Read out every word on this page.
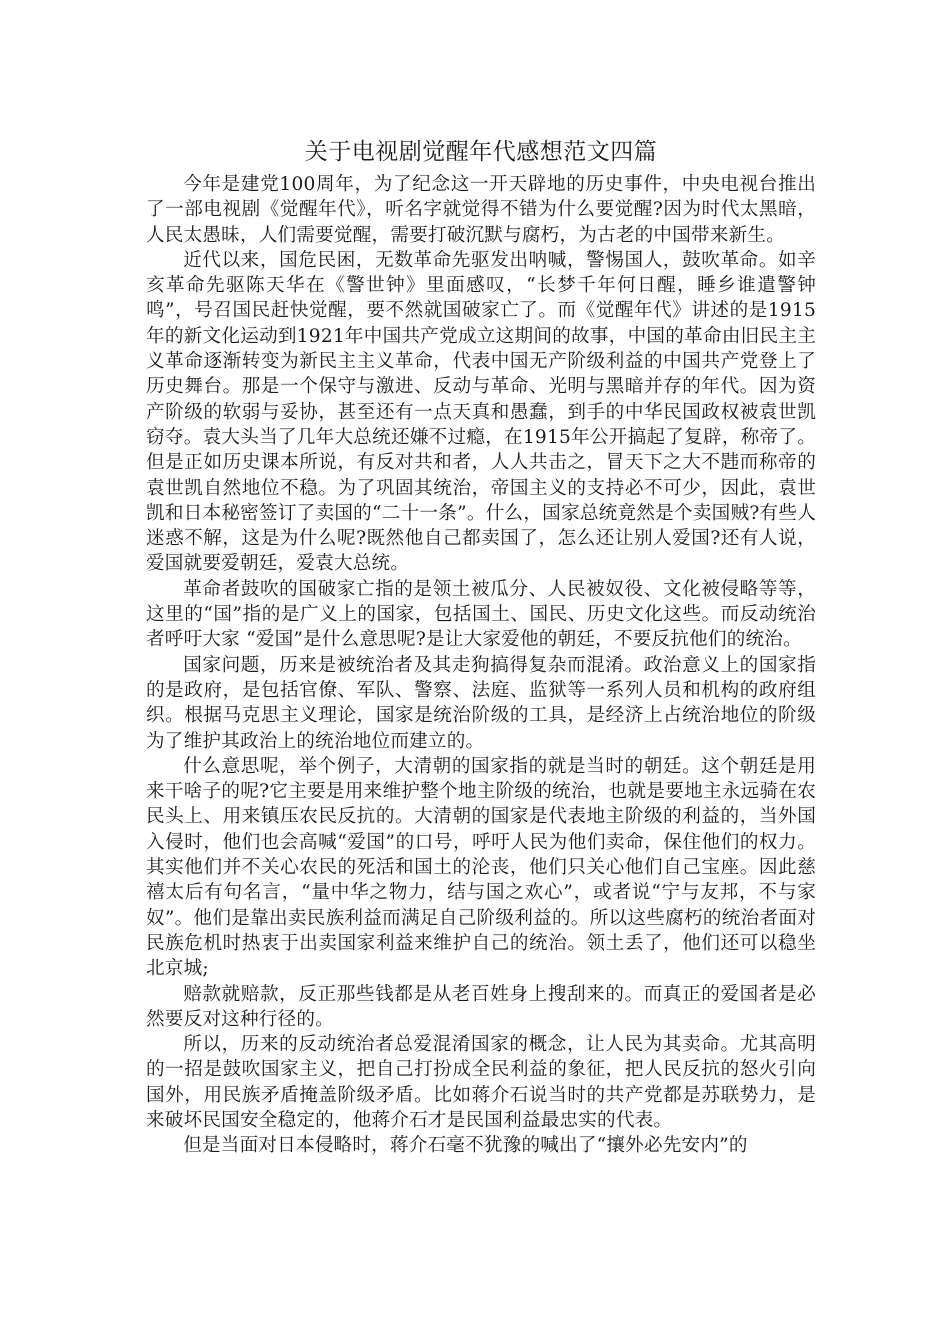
关于电视剧觉醒年代感想范文四篇

今年是建党100周年，为了纪念这一开天辟地的历史事件，中央电视台推出了一部电视剧《觉醒年代》，听名字就觉得不错为什么要觉醒?因为时代太黑暗，人民太愚昧，人们需要觉醒，需要打破沉默与腐朽，为古老的中国带来新生。

近代以来，国危民困，无数革命先驱发出呐喊，警惕国人，鼓吹革命。如辛亥革命先驱陈天华在《警世钟》里面感叹，“长梦千年何日醒，睡乡谁遣警钟鸣”，号召国民赶快觉醒，要不然就国破家亡了。而《觉醒年代》讲述的是1915年的新文化运动到1921年中国共产党成立这期间的故事，中国的革命由旧民主主义革命逐渐转变为新民主主义革命，代表中国无产阶级利益的中国共产党登上了历史舞台。那是一个保守与激进、反动与革命、光明与黑暗并存的年代。因为资产阶级的软弱与妥协，甚至还有一点天真和愚蠢，到手的中华民国政权被袁世凯窃夺。袁大头当了几年大总统还嫌不过瘾，在1915年公开搞起了复辟，称帝了。但是正如历史课本所说，有反对共和者，人人共击之，冒天下之大不韪而称帝的袁世凯自然地位不稳。为了巩固其统治，帝国主义的支持必不可少，因此，袁世凯和日本秘密签订了卖国的“二十一条”。什么，国家总统竟然是个卖国贼?有些人迷惑不解，这是为什么呢?既然他自己都卖国了，怎么还让别人爱国?还有人说，爱国就要爱朝廷，爱袁大总统。

革命者鼓吹的国破家亡指的是领土被瓜分、人民被奴役、文化被侵略等等，这里的“国”指的是广义上的国家，包括国土、国民、历史文化这些。而反动统治者呼吁大家 “爱国”是什么意思呢?是让大家爱他的朝廷，不要反抗他们的统治。

国家问题，历来是被统治者及其走狗搞得复杂而混淆。政治意义上的国家指的是政府，是包括官僚、军队、警察、法庭、监狱等一系列人员和机构的政府组织。根据马克思主义理论，国家是统治阶级的工具，是经济上占统治地位的阶级为了维护其政治上的统治地位而建立的。

什么意思呢，举个例子，大清朝的国家指的就是当时的朝廷。这个朝廷是用来干啥子的呢?它主要是用来维护整个地主阶级的统治，也就是要地主永远骑在农民头上、用来镇压农民反抗的。大清朝的国家是代表地主阶级的利益的，当外国入侵时，他们也会高喊“爱国”的口号，呼吁人民为他们卖命，保住他们的权力。其实他们并不关心农民的死活和国土的沦丧，他们只关心他们自己宝座。因此慈禧太后有句名言，“量中华之物力，结与国之欢心”，或者说“宁与友邦，不与家奴”。他们是靠出卖民族利益而满足自己阶级利益的。所以这些腐朽的统治者面对民族危机时热衷于出卖国家利益来维护自己的统治。领土丢了，他们还可以稳坐北京城;

赔款就赔款，反正那些钱都是从老百姓身上搜刮来的。而真正的爱国者是必然要反对这种行径的。

所以，历来的反动统治者总爱混淆国家的概念，让人民为其卖命。尤其高明的一招是鼓吹国家主义，把自己打扮成全民利益的象征，把人民反抗的怒火引向国外，用民族矛盾掩盖阶级矛盾。比如蒋介石说当时的共产党都是苏联势力，是来破坏民国安全稳定的，他蒋介石才是民国利益最忠实的代表。

但是当面对日本侵略时，蒋介石毫不犹豫的喊出了“攘外必先安内”的
